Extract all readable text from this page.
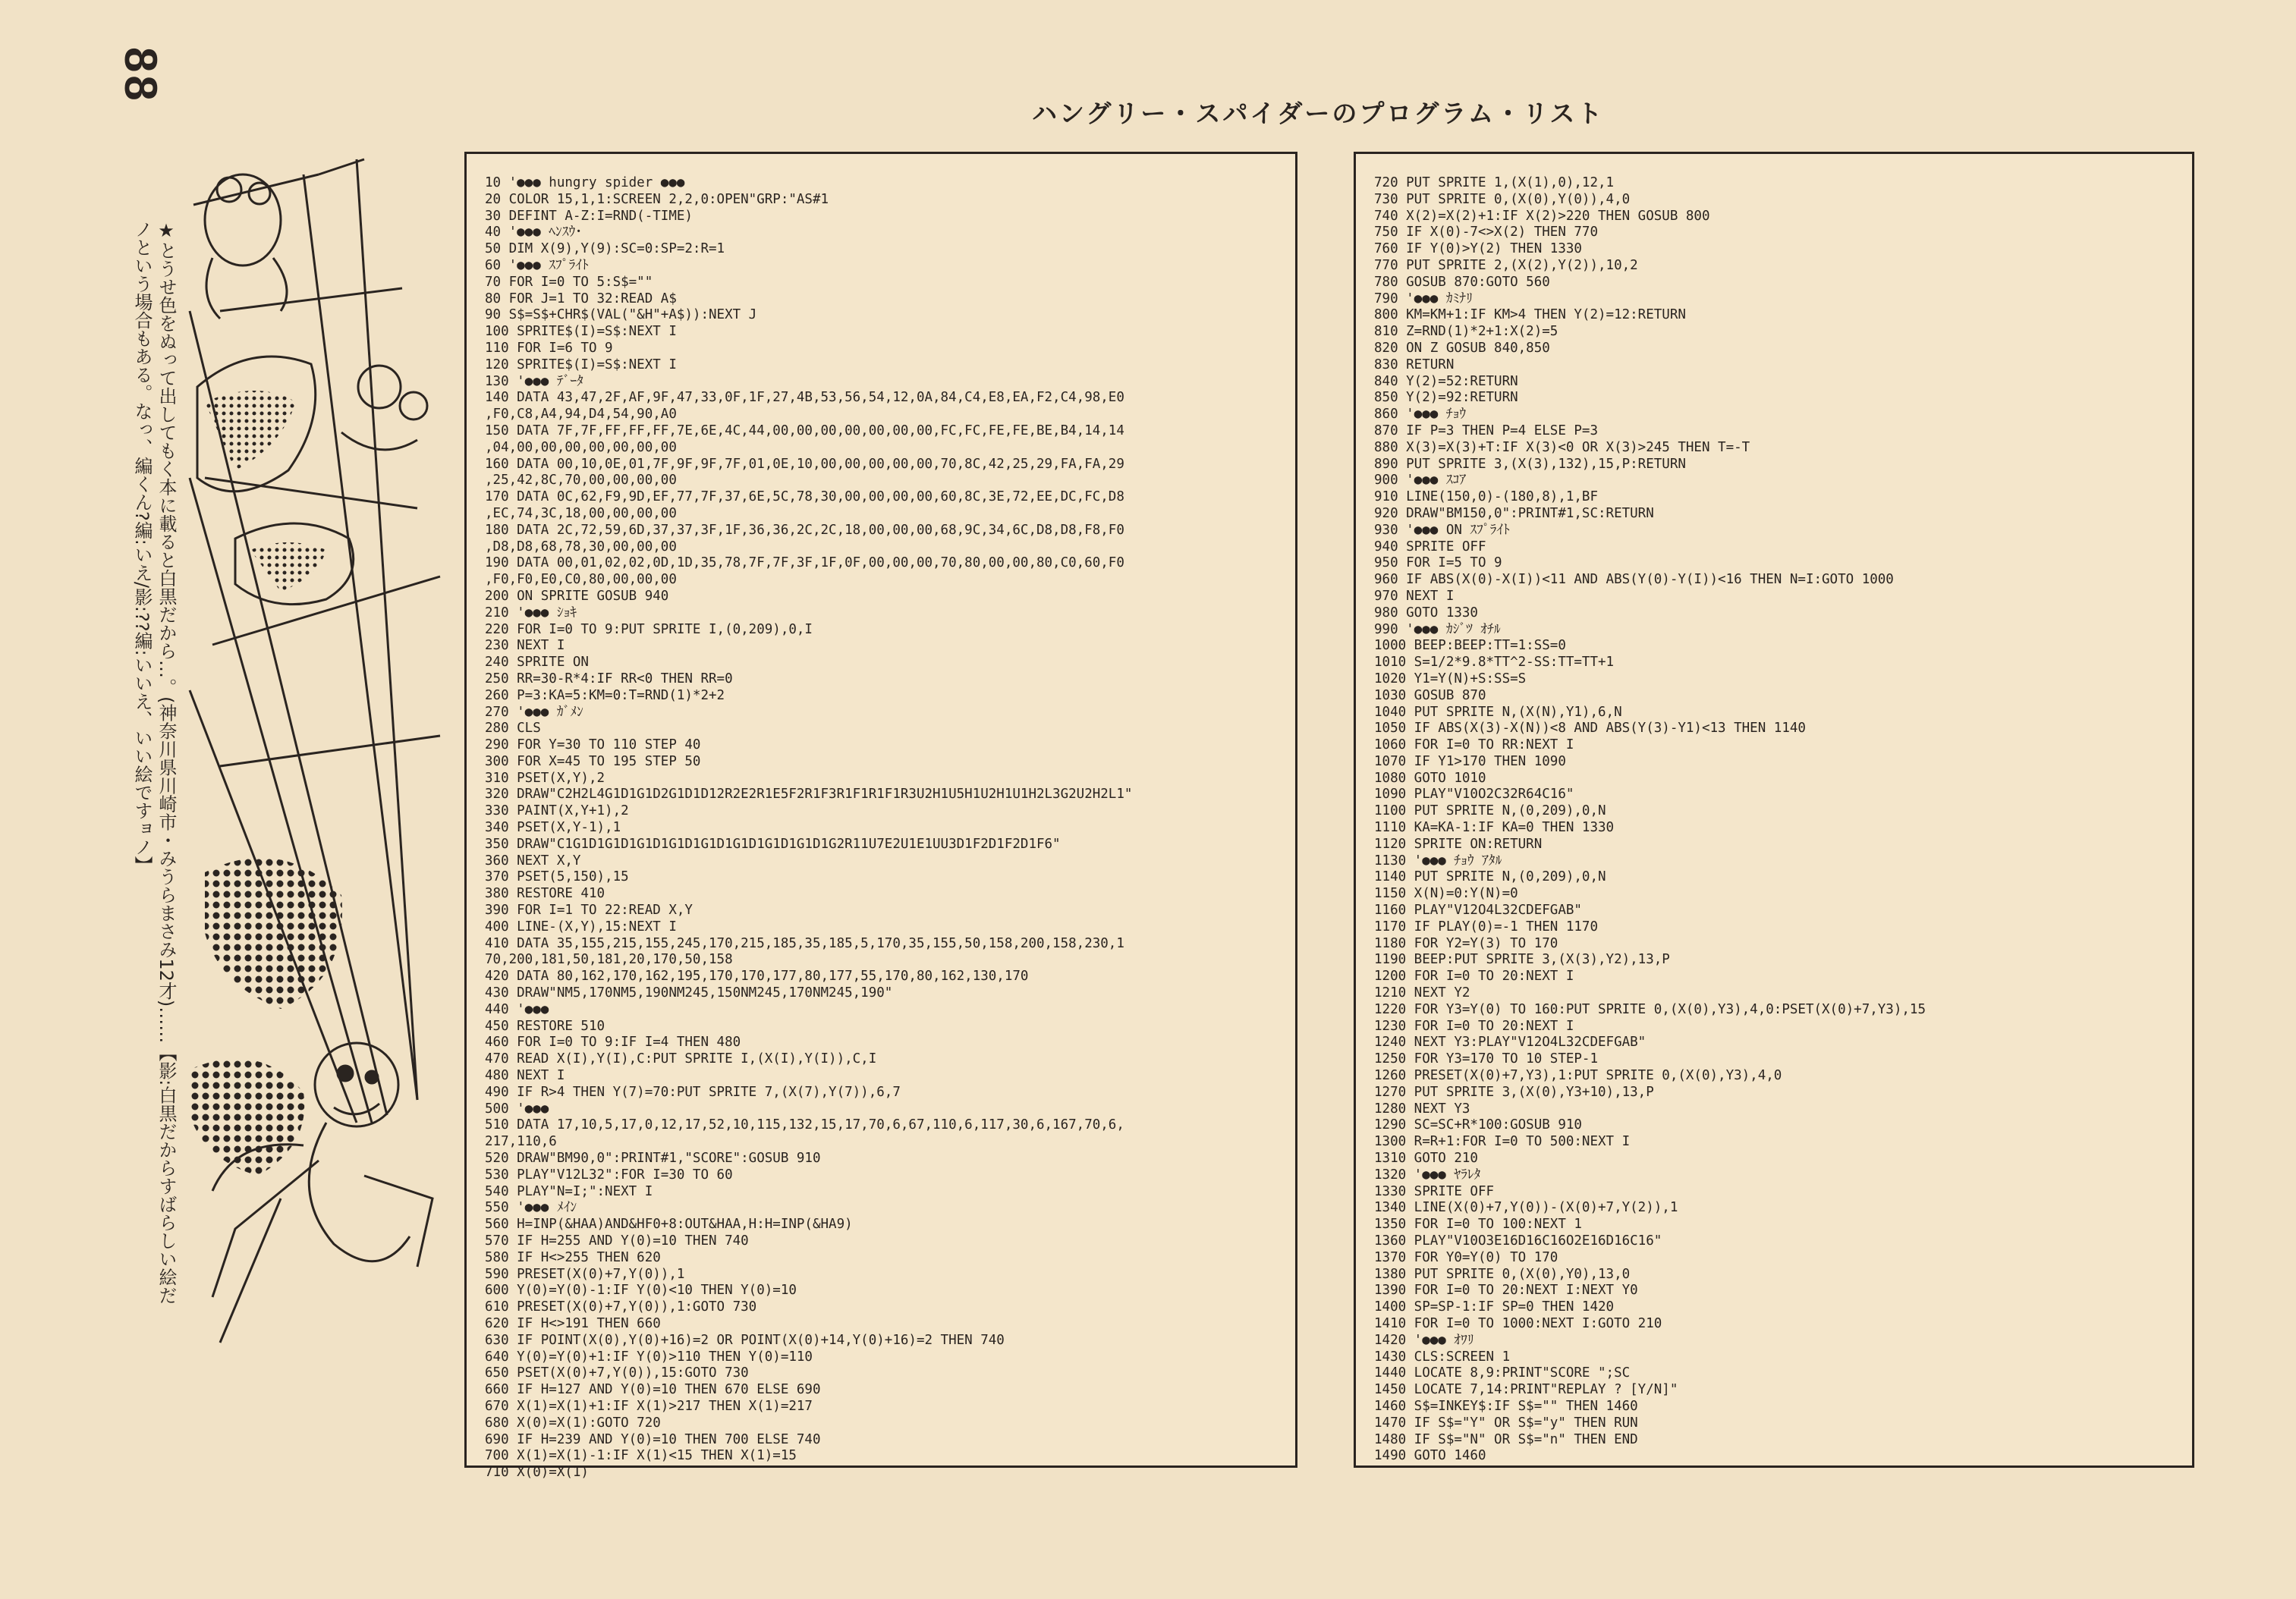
88
ハングリー・スパイダーのプログラム・リスト
★とうせ色をぬって出してもく本に載ると白黒だから…。(神奈川県川崎市・みうらまさみ12才)……【影:白黒だからすばらしい絵だノという場合もある。なっ、編くん?編:いえ/影:??編:いいえ、いい絵ですョノ】
10 '●●● hungry spider ●●●
20 COLOR 15,1,1:SCREEN 2,2,0:OPEN"GRP:"AS#1
30 DEFINT A-Z:I=RND(-TIME)
40 '●●● ﾍﾝｽｳ･
50 DIM X(9),Y(9):SC=0:SP=2:R=1
60 '●●● ｽﾌﾟﾗｲﾄ
70 FOR I=0 TO 5:S$=""
80 FOR J=1 TO 32:READ A$
90 S$=S$+CHR$(VAL("&H"+A$)):NEXT J
100 SPRITE$(I)=S$:NEXT I
110 FOR I=6 TO 9
120 SPRITE$(I)=S$:NEXT I
130 '●●● ﾃﾞｰﾀ
140 DATA 43,47,2F,AF,9F,47,33,0F,1F,27,4B,53,56,54,12,0A,84,C4,E8,EA,F2,C4,98,E0
,F0,C8,A4,94,D4,54,90,A0
150 DATA 7F,7F,FF,FF,FF,7E,6E,4C,44,00,00,00,00,00,00,00,FC,FC,FE,FE,BE,B4,14,14
,04,00,00,00,00,00,00,00
160 DATA 00,10,0E,01,7F,9F,9F,7F,01,0E,10,00,00,00,00,00,70,8C,42,25,29,FA,FA,29
,25,42,8C,70,00,00,00,00
170 DATA 0C,62,F9,9D,EF,77,7F,37,6E,5C,78,30,00,00,00,00,60,8C,3E,72,EE,DC,FC,D8
,EC,74,3C,18,00,00,00,00
180 DATA 2C,72,59,6D,37,37,3F,1F,36,36,2C,2C,18,00,00,00,68,9C,34,6C,D8,D8,F8,F0
,D8,D8,68,78,30,00,00,00
190 DATA 00,01,02,02,0D,1D,35,78,7F,7F,3F,1F,0F,00,00,00,70,80,00,00,80,C0,60,F0
,F0,F0,E0,C0,80,00,00,00
200 ON SPRITE GOSUB 940
210 '●●● ｼｮｷ
220 FOR I=0 TO 9:PUT SPRITE I,(0,209),0,I
230 NEXT I
240 SPRITE ON
250 RR=30-R*4:IF RR<0 THEN RR=0
260 P=3:KA=5:KM=0:T=RND(1)*2+2
270 '●●● ｶﾞﾒﾝ
280 CLS
290 FOR Y=30 TO 110 STEP 40
300 FOR X=45 TO 195 STEP 50
310 PSET(X,Y),2
320 DRAW"C2H2L4G1D1G1D2G1D1D12R2E2R1E5F2R1F3R1F1R1F1R3U2H1U5H1U2H1U1H2L3G2U2H2L1"
330 PAINT(X,Y+1),2
340 PSET(X,Y-1),1
350 DRAW"C1G1D1G1D1G1D1G1D1G1D1G1D1G1D1G1D1G2R11U7E2U1E1UU3D1F2D1F2D1F6"
360 NEXT X,Y
370 PSET(5,150),15
380 RESTORE 410
390 FOR I=1 TO 22:READ X,Y
400 LINE-(X,Y),15:NEXT I
410 DATA 35,155,215,155,245,170,215,185,35,185,5,170,35,155,50,158,200,158,230,1
70,200,181,50,181,20,170,50,158
420 DATA 80,162,170,162,195,170,170,177,80,177,55,170,80,162,130,170
430 DRAW"NM5,170NM5,190NM245,150NM245,170NM245,190"
440 '●●●
450 RESTORE 510
460 FOR I=0 TO 9:IF I=4 THEN 480
470 READ X(I),Y(I),C:PUT SPRITE I,(X(I),Y(I)),C,I
480 NEXT I
490 IF R>4 THEN Y(7)=70:PUT SPRITE 7,(X(7),Y(7)),6,7
500 '●●●
510 DATA 17,10,5,17,0,12,17,52,10,115,132,15,17,70,6,67,110,6,117,30,6,167,70,6,
217,110,6
520 DRAW"BM90,0":PRINT#1,"SCORE":GOSUB 910
530 PLAY"V12L32":FOR I=30 TO 60
540 PLAY"N=I;":NEXT I
550 '●●● ﾒｲﾝ
560 H=INP(&HAA)AND&HF0+8:OUT&HAA,H:H=INP(&HA9)
570 IF H=255 AND Y(0)=10 THEN 740
580 IF H<>255 THEN 620
590 PRESET(X(0)+7,Y(0)),1
600 Y(0)=Y(0)-1:IF Y(0)<10 THEN Y(0)=10
610 PRESET(X(0)+7,Y(0)),1:GOTO 730
620 IF H<>191 THEN 660
630 IF POINT(X(0),Y(0)+16)=2 OR POINT(X(0)+14,Y(0)+16)=2 THEN 740
640 Y(0)=Y(0)+1:IF Y(0)>110 THEN Y(0)=110
650 PSET(X(0)+7,Y(0)),15:GOTO 730
660 IF H=127 AND Y(0)=10 THEN 670 ELSE 690
670 X(1)=X(1)+1:IF X(1)>217 THEN X(1)=217
680 X(0)=X(1):GOTO 720
690 IF H=239 AND Y(0)=10 THEN 700 ELSE 740
700 X(1)=X(1)-1:IF X(1)<15 THEN X(1)=15
710 X(0)=X(1)
720 PUT SPRITE 1,(X(1),0),12,1
730 PUT SPRITE 0,(X(0),Y(0)),4,0
740 X(2)=X(2)+1:IF X(2)>220 THEN GOSUB 800
750 IF X(0)-7<>X(2) THEN 770
760 IF Y(0)>Y(2) THEN 1330
770 PUT SPRITE 2,(X(2),Y(2)),10,2
780 GOSUB 870:GOTO 560
790 '●●● ｶﾐﾅﾘ
800 KM=KM+1:IF KM>4 THEN Y(2)=12:RETURN
810 Z=RND(1)*2+1:X(2)=5
820 ON Z GOSUB 840,850
830 RETURN
840 Y(2)=52:RETURN
850 Y(2)=92:RETURN
860 '●●● ﾁｮｳ
870 IF P=3 THEN P=4 ELSE P=3
880 X(3)=X(3)+T:IF X(3)<0 OR X(3)>245 THEN T=-T
890 PUT SPRITE 3,(X(3),132),15,P:RETURN
900 '●●● ｽｺｱ
910 LINE(150,0)-(180,8),1,BF
920 DRAW"BM150,0":PRINT#1,SC:RETURN
930 '●●● ON ｽﾌﾟﾗｲﾄ
940 SPRITE OFF
950 FOR I=5 TO 9
960 IF ABS(X(0)-X(I))<11 AND ABS(Y(0)-Y(I))<16 THEN N=I:GOTO 1000
970 NEXT I
980 GOTO 1330
990 '●●● ｶｼﾞﾂ ｵﾁﾙ
1000 BEEP:BEEP:TT=1:SS=0
1010 S=1/2*9.8*TT^2-SS:TT=TT+1
1020 Y1=Y(N)+S:SS=S
1030 GOSUB 870
1040 PUT SPRITE N,(X(N),Y1),6,N
1050 IF ABS(X(3)-X(N))<8 AND ABS(Y(3)-Y1)<13 THEN 1140
1060 FOR I=0 TO RR:NEXT I
1070 IF Y1>170 THEN 1090
1080 GOTO 1010
1090 PLAY"V10O2C32R64C16"
1100 PUT SPRITE N,(0,209),0,N
1110 KA=KA-1:IF KA=0 THEN 1330
1120 SPRITE ON:RETURN
1130 '●●● ﾁｮｳ ｱﾀﾙ
1140 PUT SPRITE N,(0,209),0,N
1150 X(N)=0:Y(N)=0
1160 PLAY"V12O4L32CDEFGAB"
1170 IF PLAY(0)=-1 THEN 1170
1180 FOR Y2=Y(3) TO 170
1190 BEEP:PUT SPRITE 3,(X(3),Y2),13,P
1200 FOR I=0 TO 20:NEXT I
1210 NEXT Y2
1220 FOR Y3=Y(0) TO 160:PUT SPRITE 0,(X(0),Y3),4,0:PSET(X(0)+7,Y3),15
1230 FOR I=0 TO 20:NEXT I
1240 NEXT Y3:PLAY"V12O4L32CDEFGAB"
1250 FOR Y3=170 TO 10 STEP-1
1260 PRESET(X(0)+7,Y3),1:PUT SPRITE 0,(X(0),Y3),4,0
1270 PUT SPRITE 3,(X(0),Y3+10),13,P
1280 NEXT Y3
1290 SC=SC+R*100:GOSUB 910
1300 R=R+1:FOR I=0 TO 500:NEXT I
1310 GOTO 210
1320 '●●● ﾔﾗﾚﾀ
1330 SPRITE OFF
1340 LINE(X(0)+7,Y(0))-(X(0)+7,Y(2)),1
1350 FOR I=0 TO 100:NEXT 1
1360 PLAY"V10O3E16D16C16O2E16D16C16"
1370 FOR Y0=Y(0) TO 170
1380 PUT SPRITE 0,(X(0),Y0),13,0
1390 FOR I=0 TO 20:NEXT I:NEXT Y0
1400 SP=SP-1:IF SP=0 THEN 1420
1410 FOR I=0 TO 1000:NEXT I:GOTO 210
1420 '●●● ｵﾜﾘ
1430 CLS:SCREEN 1
1440 LOCATE 8,9:PRINT"SCORE ";SC
1450 LOCATE 7,14:PRINT"REPLAY ? [Y/N]"
1460 S$=INKEY$:IF S$="" THEN 1460
1470 IF S$="Y" OR S$="y" THEN RUN
1480 IF S$="N" OR S$="n" THEN END
1490 GOTO 1460
